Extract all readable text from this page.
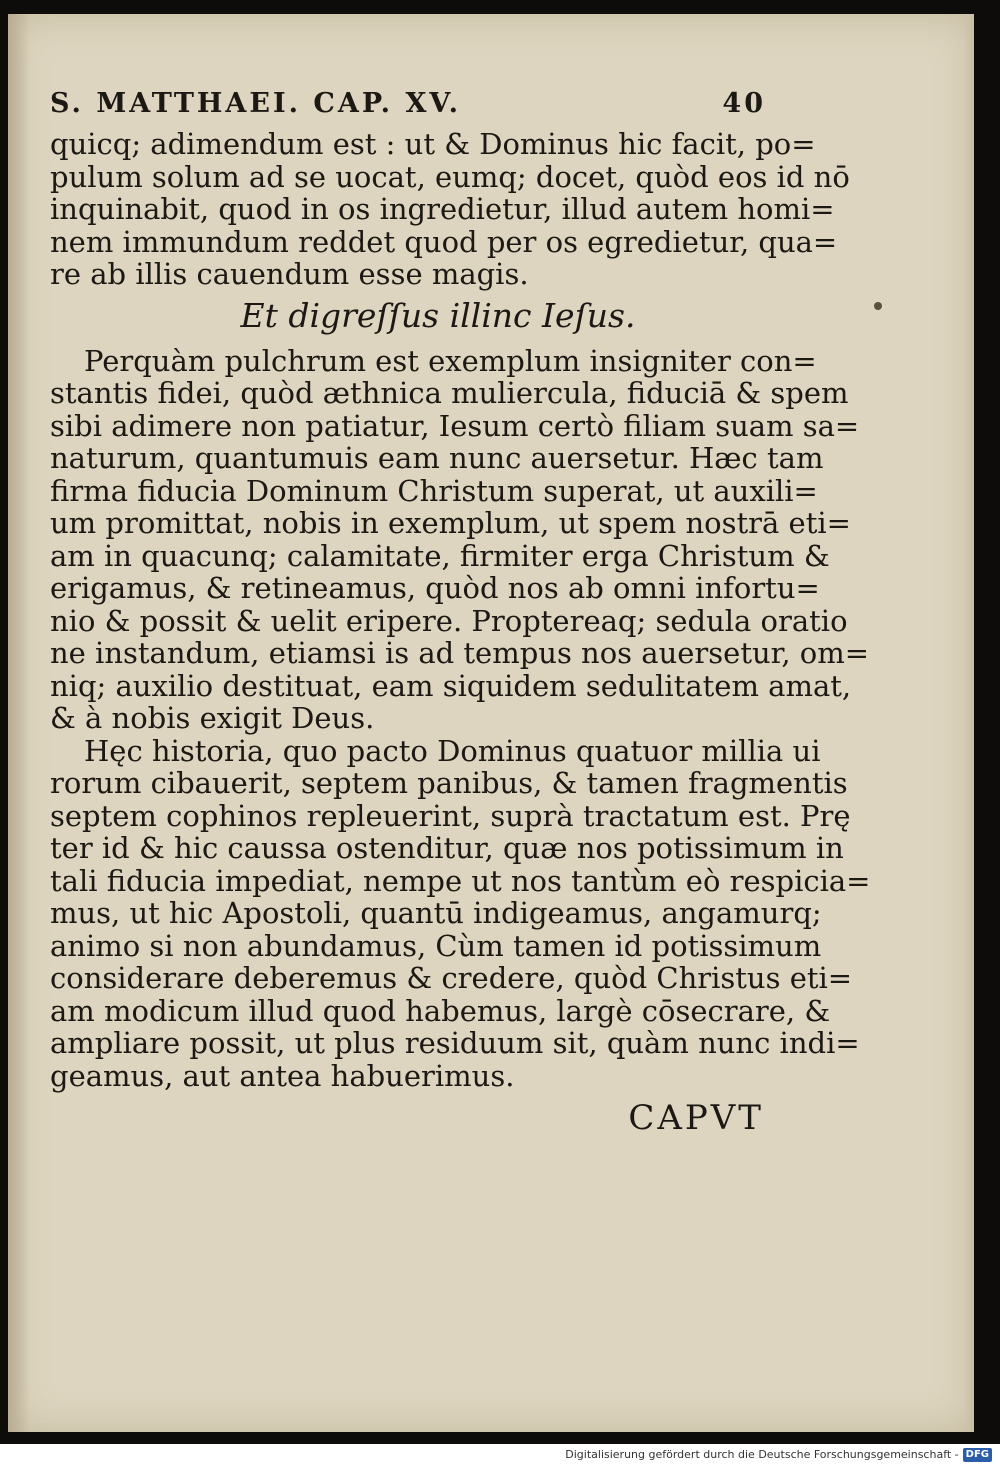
S. MATTHAEI. CAP. XV.	40
quicq; adimendum est : ut & Dominus hic facit, po=
pulum solum ad se uocat, eumq; docet, quòd eos id nō
inquinabit, quod in os ingredietur, illud autem homi=
nem immundum reddet quod per os egredietur, qua=
re ab illis cauendum esse magis.
Et digreſſus illinc Ieſus.
Perquàm pulchrum est exemplum insigniter con=
stantis fidei, quòd æthnica muliercula, fiduciā & spem
sibi adimere non patiatur, Iesum certò filiam suam sa=
naturum, quantumuis eam nunc auersetur. Hæc tam
firma fiducia Dominum Christum superat, ut auxili=
um promittat, nobis in exemplum, ut spem nostrā eti=
am in quacunq; calamitate, firmiter erga Christum &
erigamus, & retineamus, quòd nos ab omni infortu=
nio & possit & uelit eripere. Proptereaq; sedula oratio
ne instandum, etiamsi is ad tempus nos auersetur, om=
niq; auxilio destituat, eam siquidem sedulitatem amat,
& à nobis exigit Deus.
Hęc historia, quo pacto Dominus quatuor millia ui
rorum cibauerit, septem panibus, & tamen fragmentis
septem cophinos repleuerint, suprà tractatum est. Prę
ter id & hic caussa ostenditur, quæ nos potissimum in
tali fiducia impediat, nempe ut nos tantùm eò respicia=
mus, ut hic Apostoli, quantū indigeamus, angamurq;
animo si non abundamus, Cùm tamen id potissimum
considerare deberemus & credere, quòd Christus eti=
am modicum illud quod habemus, largè cōsecrare, &
ampliare possit, ut plus residuum sit, quàm nunc indi=
geamus, aut antea habuerimus.
CAPVT
Digitalisierung gefördert durch die Deutsche Forschungsgemeinschaft - DFG
